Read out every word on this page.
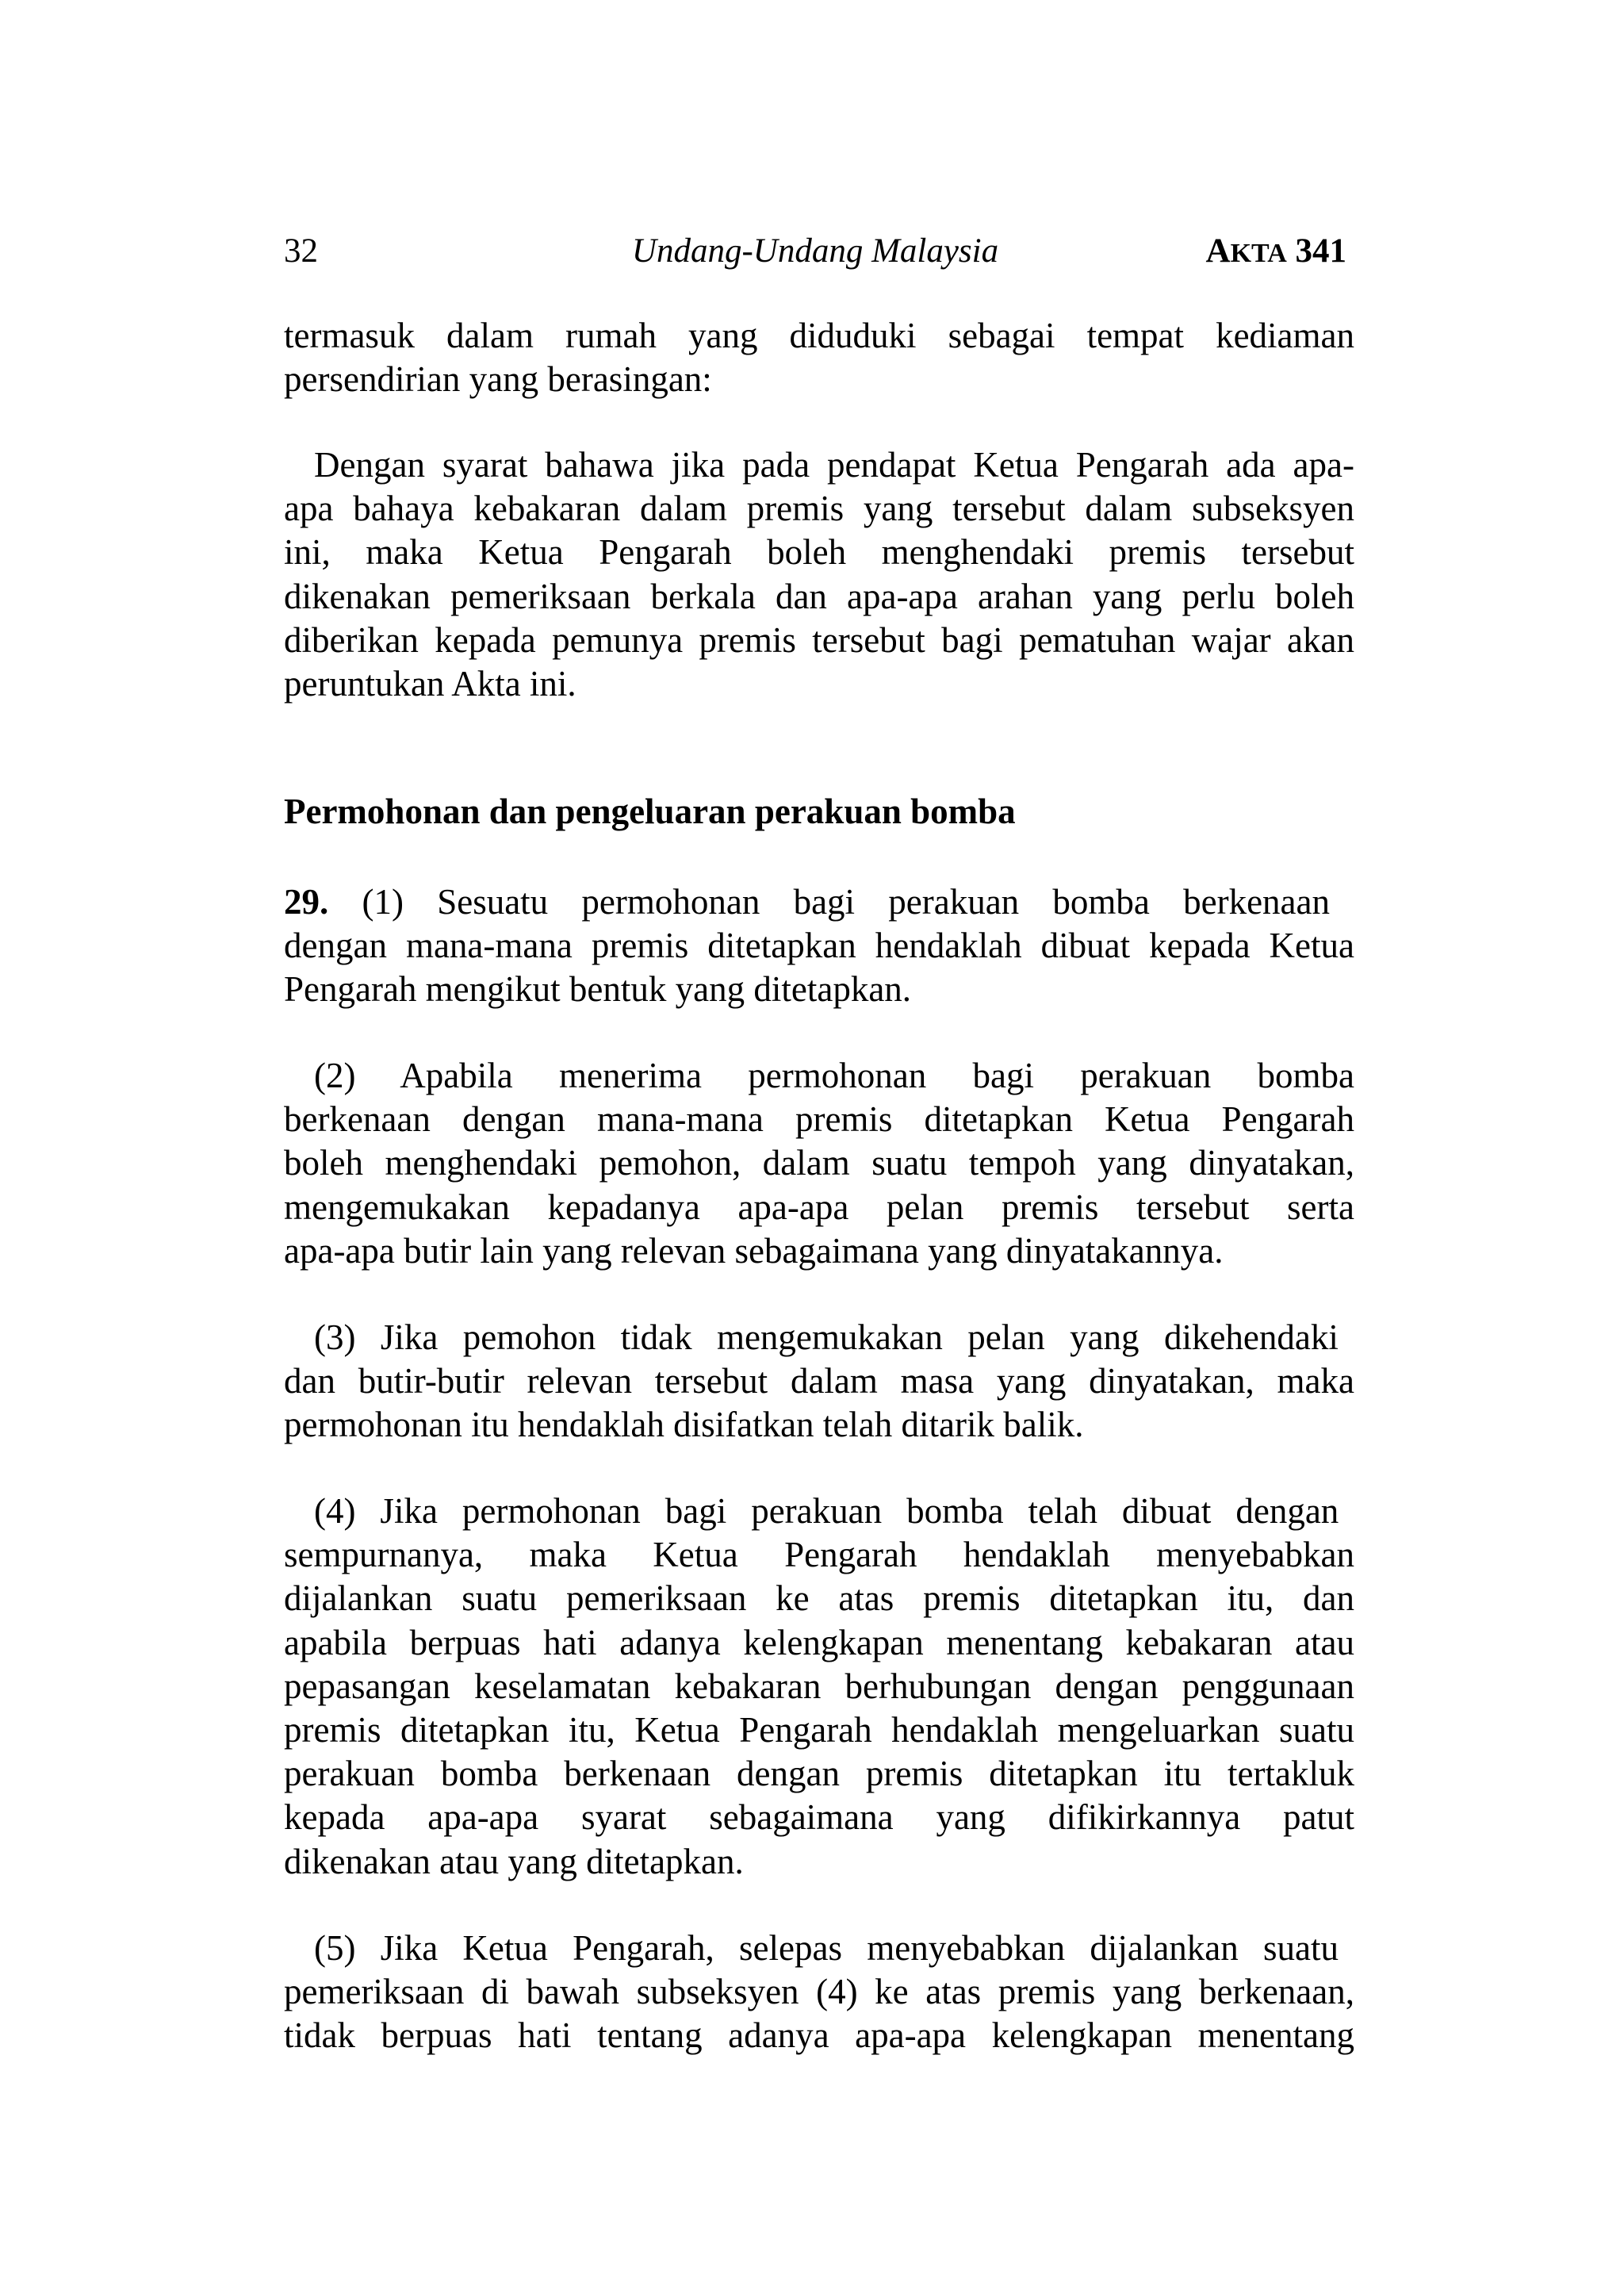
32	Undang-Undang Malaysia	AKTA 341
termasuk dalam rumah yang diduduki sebagai tempat kediaman
persendirian yang berasingan:
Dengan syarat bahawa jika pada pendapat Ketua Pengarah ada apa-
apa bahaya kebakaran dalam premis yang tersebut dalam subseksyen
ini, maka Ketua Pengarah boleh menghendaki premis tersebut
dikenakan pemeriksaan berkala dan apa-apa arahan yang perlu boleh
diberikan kepada pemunya premis tersebut bagi pematuhan wajar akan
peruntukan Akta ini.
Permohonan dan pengeluaran perakuan bomba
29. (1) Sesuatu permohonan bagi perakuan bomba berkenaan
dengan mana-mana premis ditetapkan hendaklah dibuat kepada Ketua
Pengarah mengikut bentuk yang ditetapkan.
(2) Apabila menerima permohonan bagi perakuan bomba
berkenaan dengan mana-mana premis ditetapkan Ketua Pengarah
boleh menghendaki pemohon, dalam suatu tempoh yang dinyatakan,
mengemukakan kepadanya apa-apa pelan premis tersebut serta
apa-apa butir lain yang relevan sebagaimana yang dinyatakannya.
(3) Jika pemohon tidak mengemukakan pelan yang dikehendaki
dan butir-butir relevan tersebut dalam masa yang dinyatakan, maka
permohonan itu hendaklah disifatkan telah ditarik balik.
(4) Jika permohonan bagi perakuan bomba telah dibuat dengan
sempurnanya, maka Ketua Pengarah hendaklah menyebabkan
dijalankan suatu pemeriksaan ke atas premis ditetapkan itu, dan
apabila berpuas hati adanya kelengkapan menentang kebakaran atau
pepasangan keselamatan kebakaran berhubungan dengan penggunaan
premis ditetapkan itu, Ketua Pengarah hendaklah mengeluarkan suatu
perakuan bomba berkenaan dengan premis ditetapkan itu tertakluk
kepada apa-apa syarat sebagaimana yang difikirkannya patut
dikenakan atau yang ditetapkan.
(5) Jika Ketua Pengarah, selepas menyebabkan dijalankan suatu
pemeriksaan di bawah subseksyen (4) ke atas premis yang berkenaan,
tidak berpuas hati tentang adanya apa-apa kelengkapan menentang
